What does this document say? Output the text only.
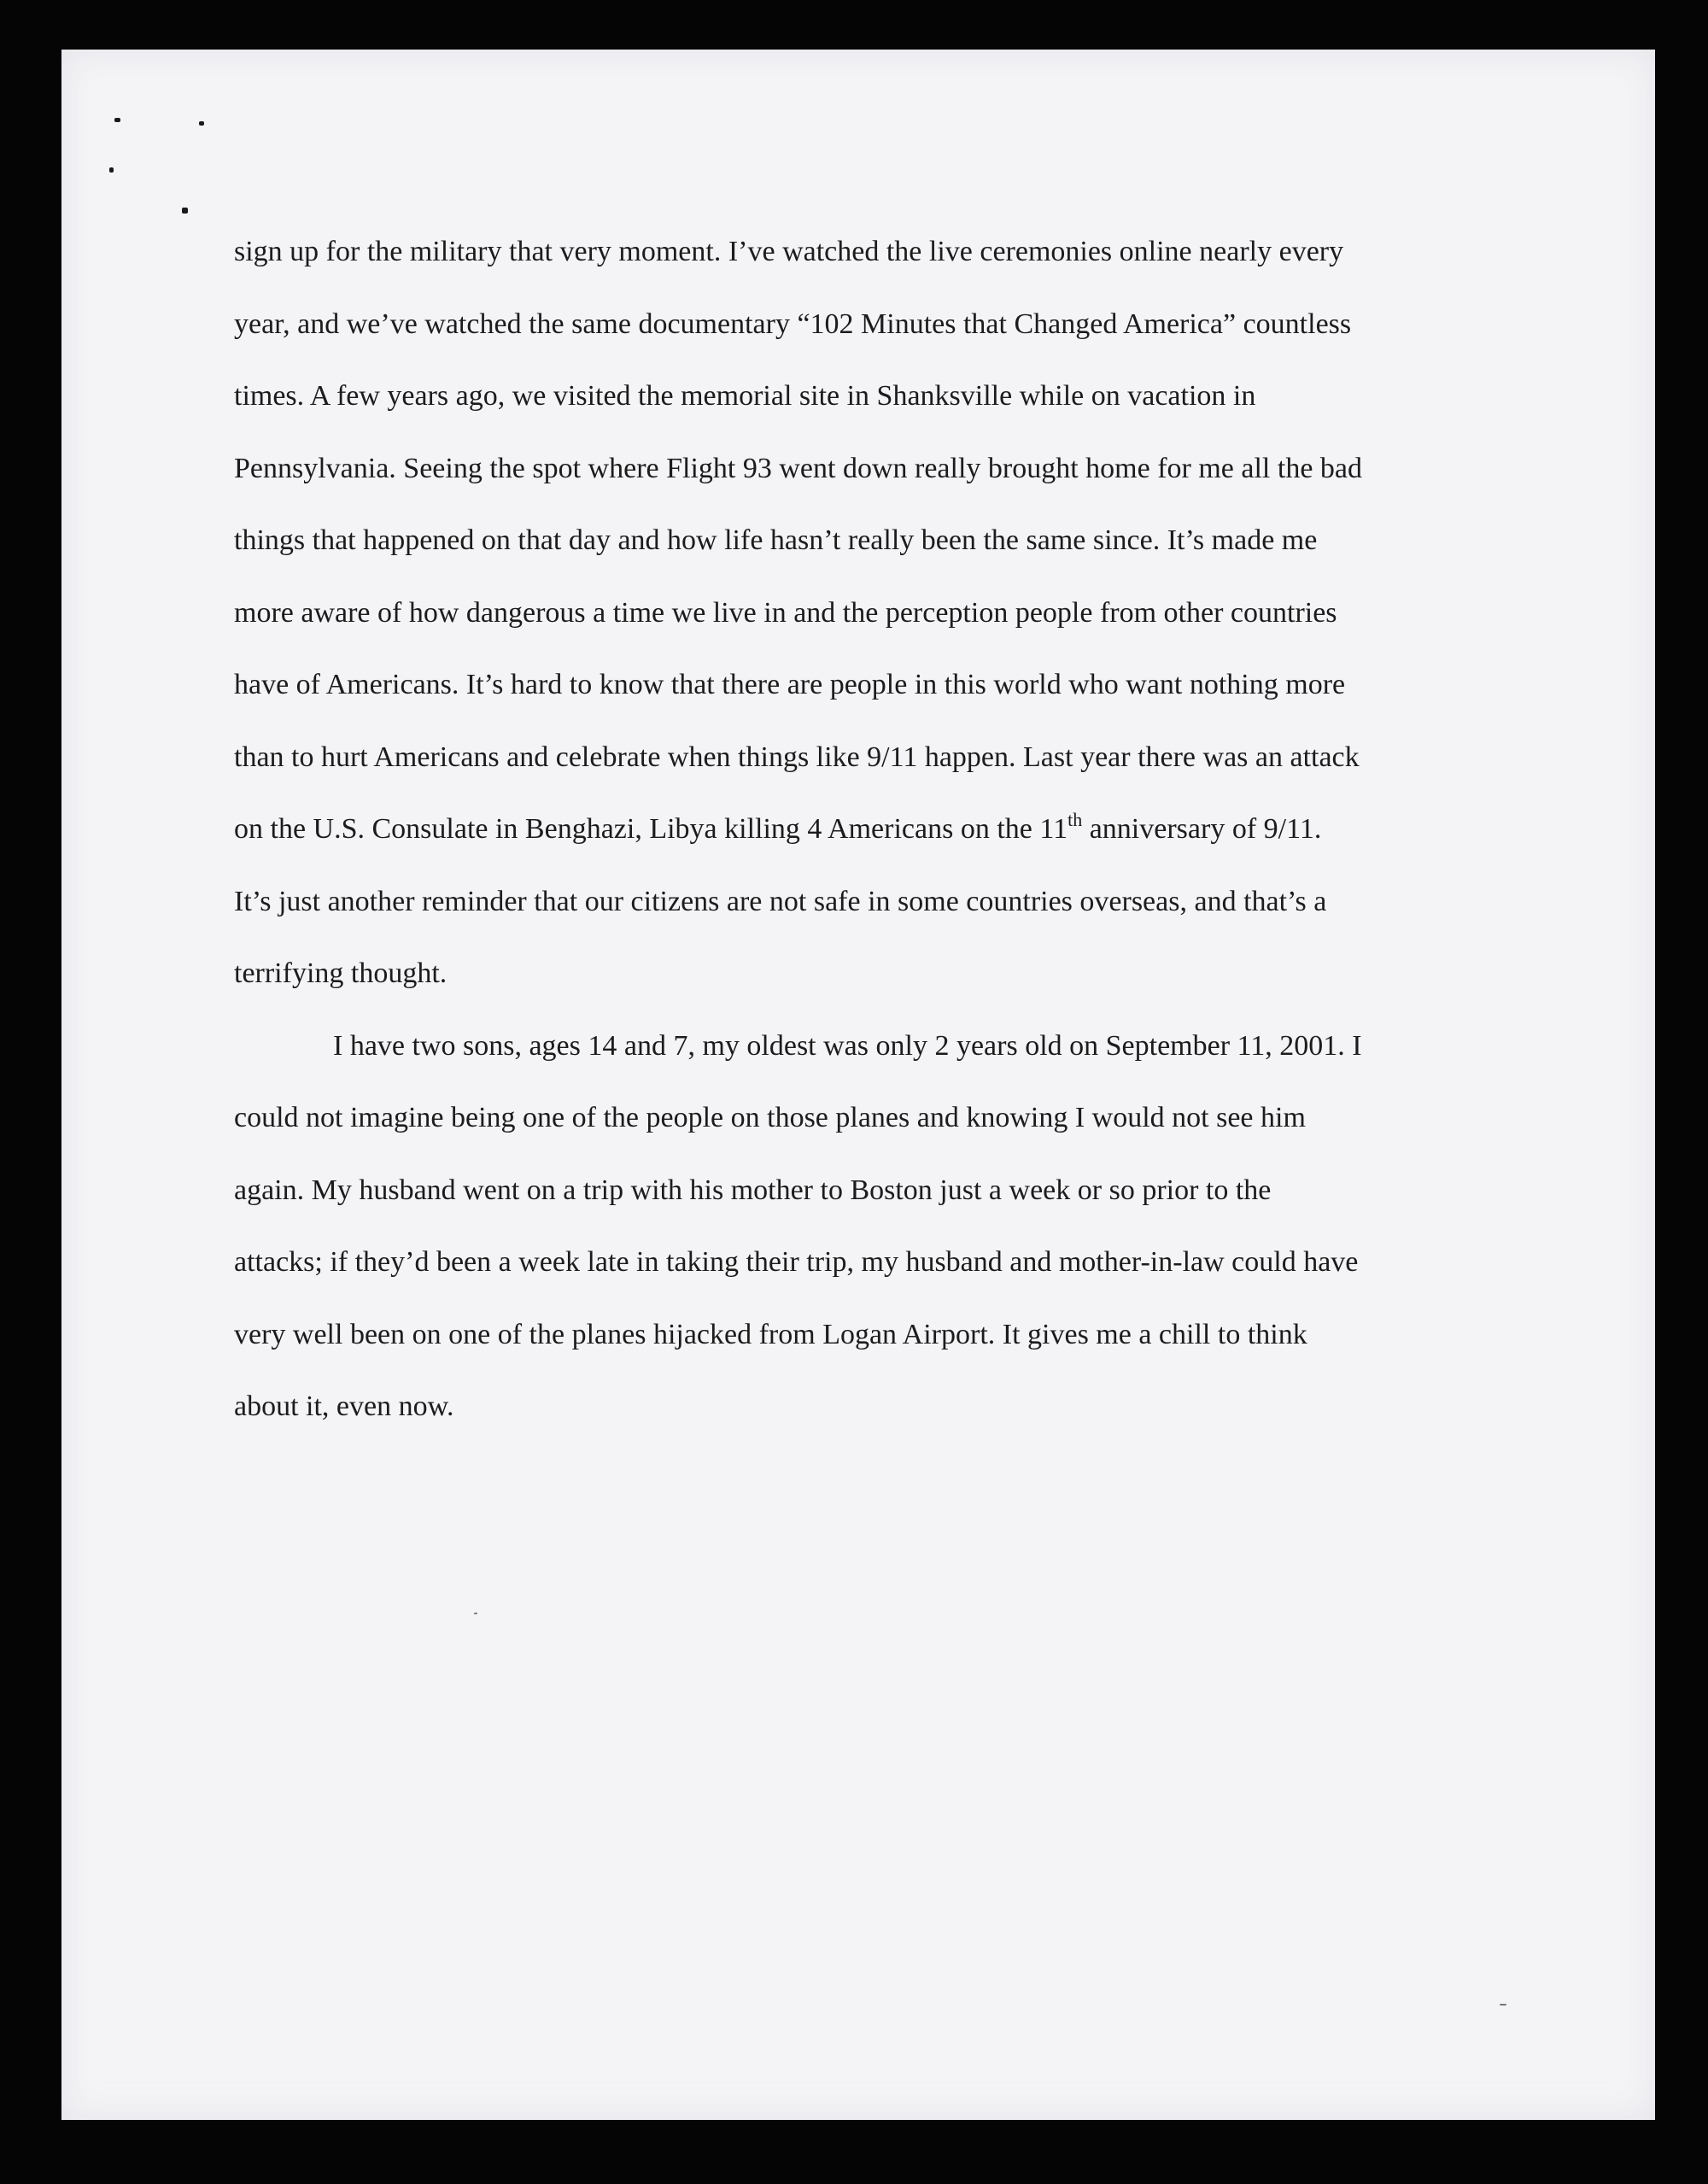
sign up for the military that very moment. I’ve watched the live ceremonies online nearly every
year, and we’ve watched the same documentary “102 Minutes that Changed America” countless
times. A few years ago, we visited the memorial site in Shanksville while on vacation in
Pennsylvania. Seeing the spot where Flight 93 went down really brought home for me all the bad
things that happened on that day and how life hasn’t really been the same since. It’s made me
more aware of how dangerous a time we live in and the perception people from other countries
have of Americans. It’s hard to know that there are people in this world who want nothing more
than to hurt Americans and celebrate when things like 9/11 happen. Last year there was an attack
on the U.S. Consulate in Benghazi, Libya killing 4 Americans on the 11th anniversary of 9/11.
It’s just another reminder that our citizens are not safe in some countries overseas, and that’s a
terrifying thought.
I have two sons, ages 14 and 7, my oldest was only 2 years old on September 11, 2001. I
could not imagine being one of the people on those planes and knowing I would not see him
again. My husband went on a trip with his mother to Boston just a week or so prior to the
attacks; if they’d been a week late in taking their trip, my husband and mother-in-law could have
very well been on one of the planes hijacked from Logan Airport. It gives me a chill to think
about it, even now.
